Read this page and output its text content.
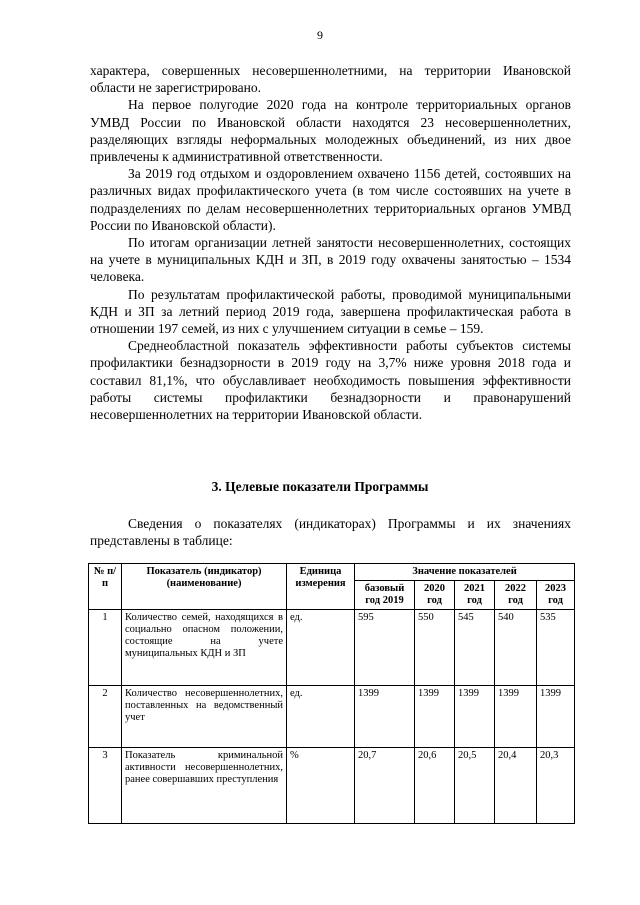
9

характера, совершенных несовершеннолетними, на территории Ивановской области не зарегистрировано.

На первое полугодие 2020 года на контроле территориальных органов УМВД России по Ивановской области находятся 23 несовершеннолетних, разделяющих взгляды неформальных молодежных объединений, из них двое привлечены к административной ответственности.

За 2019 год отдыхом и оздоровлением охвачено 1156 детей, состоявших на различных видах профилактического учета (в том числе состоявших на учете в подразделениях по делам несовершеннолетних территориальных органов УМВД России по Ивановской области).

По итогам организации летней занятости несовершеннолетних, состоящих на учете в муниципальных КДН и ЗП, в 2019 году охвачены занятостью – 1534 человека.

По результатам профилактической работы, проводимой муниципальными КДН и ЗП за летний период 2019 года, завершена профилактическая работа в отношении 197 семей, из них с улучшением ситуации в семье – 159.

Среднеобластной показатель эффективности работы субъектов системы профилактики безнадзорности в 2019 году на 3,7% ниже уровня 2018 года и составил 81,1%, что обуславливает необходимость повышения эффективности работы системы профилактики безнадзорности и правонарушений несовершеннолетних на территории Ивановской области.

3. Целевые показатели Программы

Сведения о показателях (индикаторах) Программы и их значениях представлены в таблице:

№ п/п	Показатель (индикатор) (наименование)	Единица измерения	Значение показателей				
			базовый год 2019	2020 год	2021 год	2022 год	2023 год
1	Количество семей, находящихся в социально опасном положении, состоящие на учете муниципальных КДН и ЗП	ед.	595	550	545	540	535
2	Количество несовершеннолетних, поставленных на ведомственный учет	ед.	1399	1399	1399	1399	1399
3	Показатель криминальной активности несовершеннолетних, ранее совершавших преступления	%	20,7	20,6	20,5	20,4	20,3
